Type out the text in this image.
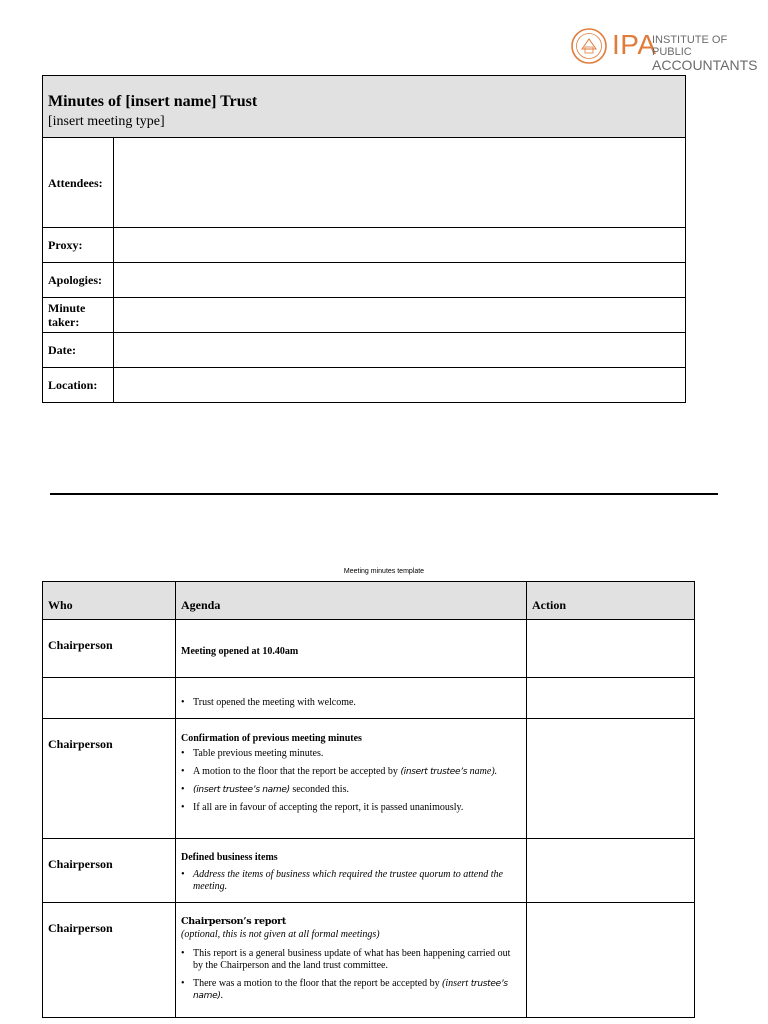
IPA
INSTITUTE OF PUBLIC
ACCOUNTANTS
Minutes of [insert name] Trust
[insert meeting type]
Attendees:
Proxy:
Apologies:
Minute taker:
Date:
Location:
Meeting minutes template
Who	Agenda	Action
Chairperson	Meeting opened at 10.40am
• Trust opened the meeting with welcome.
Chairperson	Confirmation of previous meeting minutes
• Table previous meeting minutes.
• A motion to the floor that the report be accepted by (insert trustee’s name).
• (insert trustee’s name) seconded this.
• If all are in favour of accepting the report, it is passed unanimously.
Chairperson	Defined business items
• Address the items of business which required the trustee quorum to attend the meeting.
Chairperson	Chairperson’s report
(optional, this is not given at all formal meetings)
• This report is a general business update of what has been happening carried out by the Chairperson and the land trust committee.
• There was a motion to the floor that the report be accepted by (insert trustee’s name).
